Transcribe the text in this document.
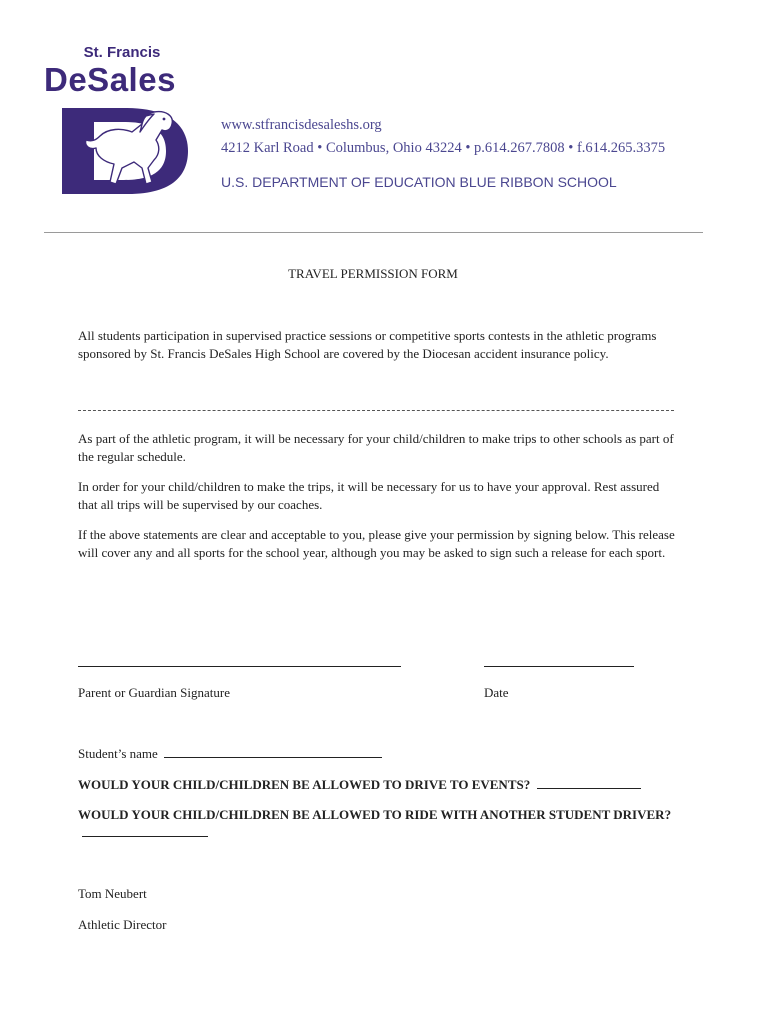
St. Francis
DeSales
www.stfrancisdesaleshs.org
4212 Karl Road • Columbus, Ohio 43224 • p.614.267.7808 • f.614.265.3375
U.S. DEPARTMENT OF EDUCATION BLUE RIBBON SCHOOL
TRAVEL PERMISSION FORM

All students participation in supervised practice sessions or competitive sports contests in the athletic programs sponsored by St. Francis DeSales High School are covered by the Diocesan accident insurance policy.

As part of the athletic program, it will be necessary for your child/children to make trips to other schools as part of the regular schedule.

In order for your child/children to make the trips, it will be necessary for us to have your approval. Rest assured that all trips will be supervised by our coaches.

If the above statements are clear and acceptable to you, please give your permission by signing below. This release will cover any and all sports for the school year, although you may be asked to sign such a release for each sport.

Parent or Guardian Signature	Date
Student’s name

WOULD YOUR CHILD/CHILDREN BE ALLOWED TO DRIVE TO EVENTS?

WOULD YOUR CHILD/CHILDREN BE ALLOWED TO RIDE WITH ANOTHER STUDENT DRIVER?

Tom Neubert
Athletic Director
